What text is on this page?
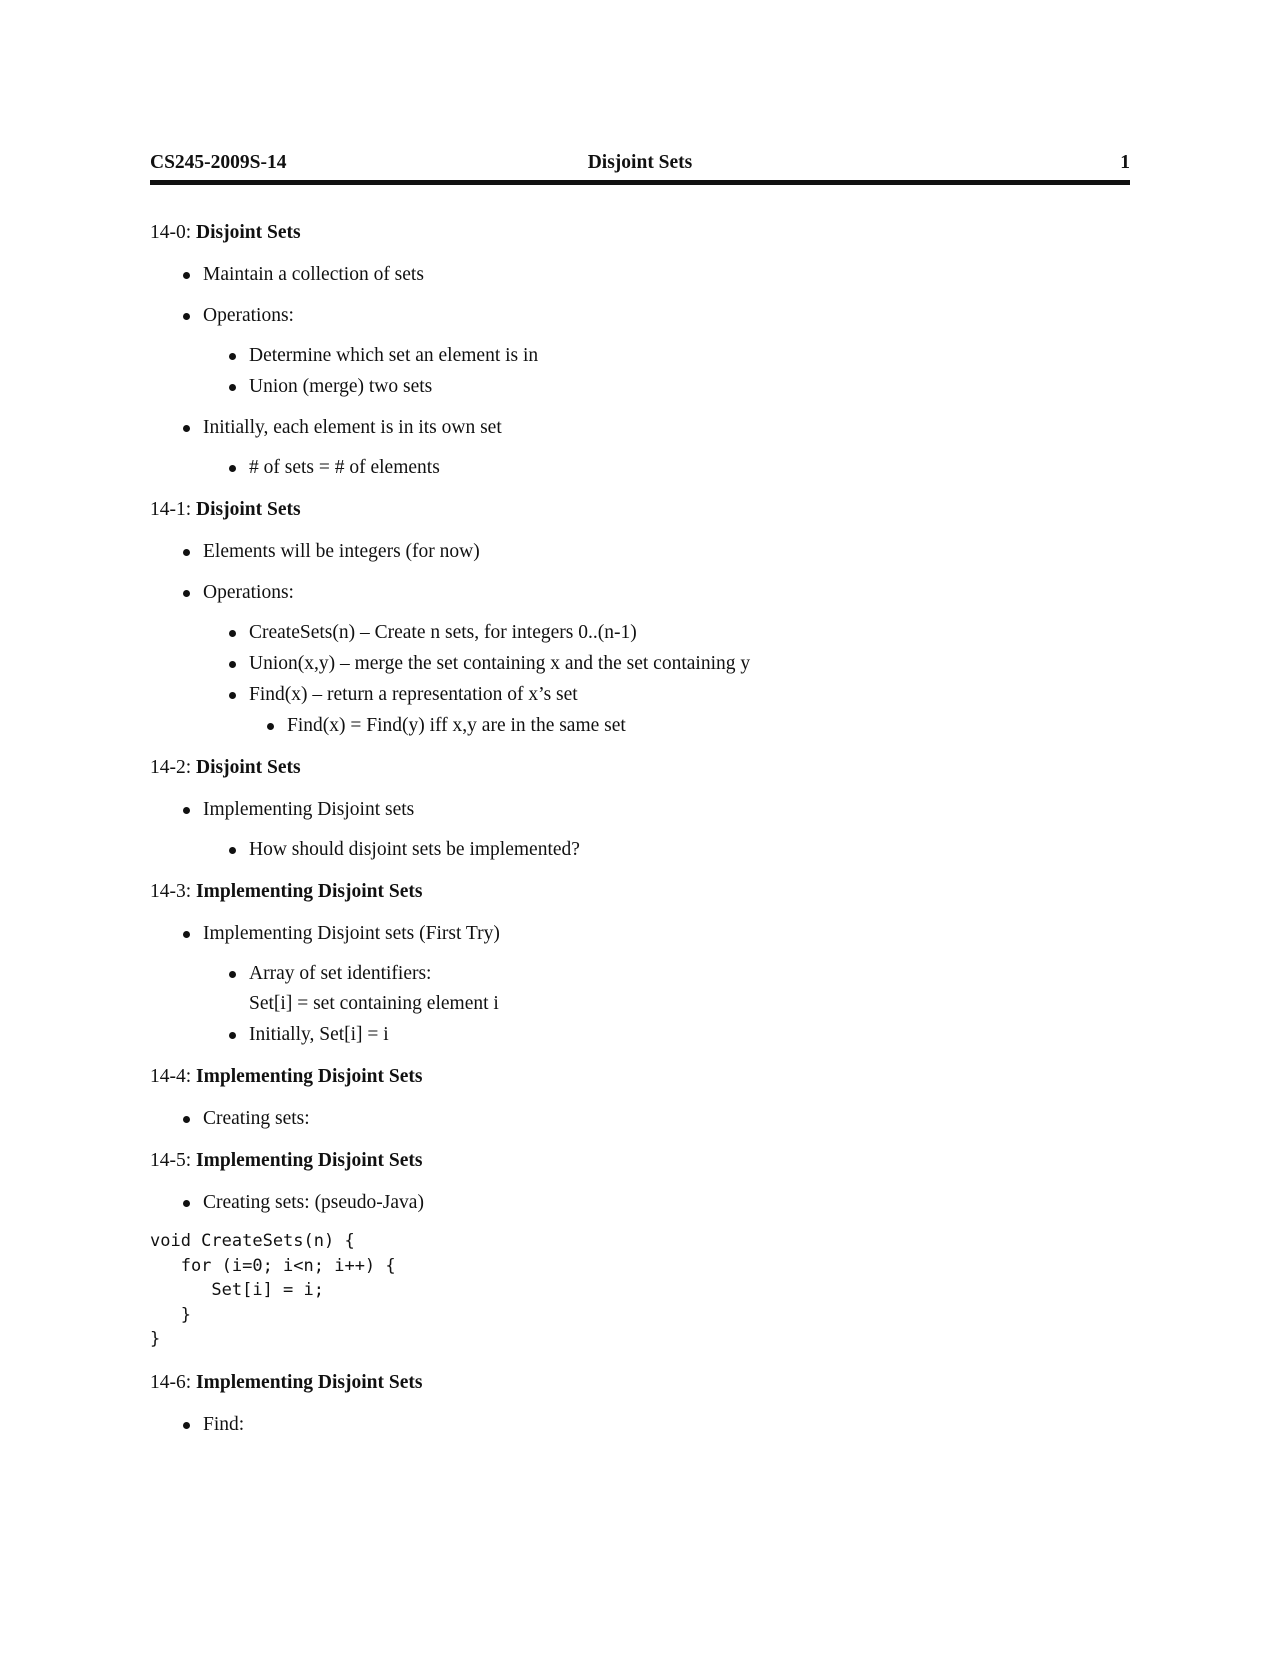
CS245-2009S-14	Disjoint Sets	1
14-0: Disjoint Sets
Maintain a collection of sets
Operations:
Determine which set an element is in
Union (merge) two sets
Initially, each element is in its own set
# of sets = # of elements
14-1: Disjoint Sets
Elements will be integers (for now)
Operations:
CreateSets(n) – Create n sets, for integers 0..(n-1)
Union(x,y) – merge the set containing x and the set containing y
Find(x) – return a representation of x’s set
Find(x) = Find(y) iff x,y are in the same set
14-2: Disjoint Sets
Implementing Disjoint sets
How should disjoint sets be implemented?
14-3: Implementing Disjoint Sets
Implementing Disjoint sets (First Try)
Array of set identifiers:
Set[i] = set containing element i
Initially, Set[i] = i
14-4: Implementing Disjoint Sets
Creating sets:
14-5: Implementing Disjoint Sets
Creating sets: (pseudo-Java)
void CreateSets(n) {
for (i=0; i<n; i++) {
Set[i] = i;
}
}
14-6: Implementing Disjoint Sets
Find:
